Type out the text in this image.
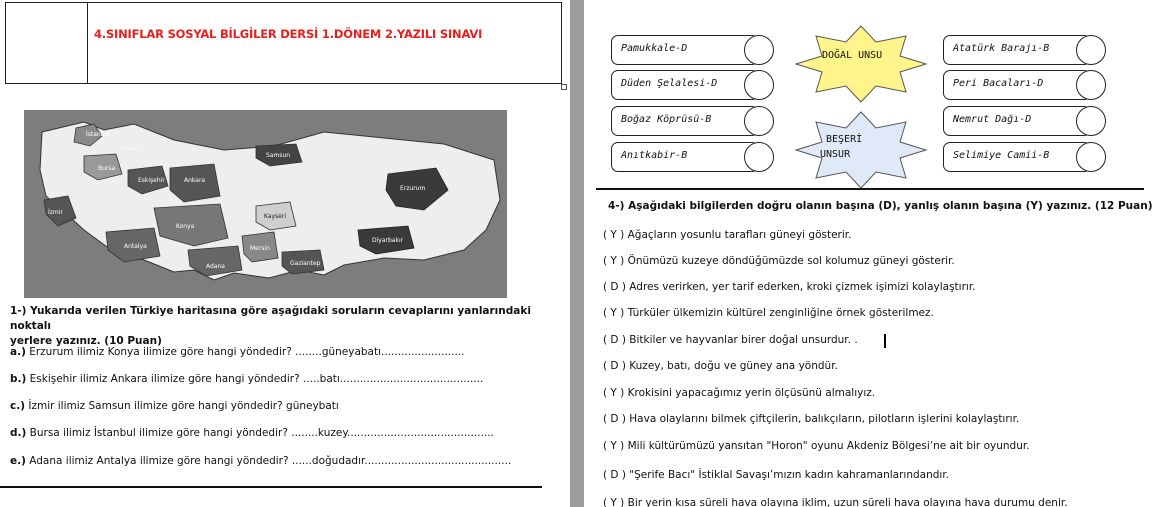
4.SINIFLAR SOSYAL BİLGİLER DERSİ 1.DÖNEM 2.YAZILI SINAVI
İstanbul
Bursa
Eskişehir	Ankara
İzmir
Konya
Antalya
Adana
Mersin
Kayseri
Samsun
Gaziantep
Erzurum
Diyarbakır
Kocaeli
1-) Yukarıda verilen Türkiye haritasına göre aşağıdaki soruların cevaplarını yanlarındaki noktalı
yerlere yazınız. (10 Puan)
a.) Erzurum ilimiz Konya ilimize göre hangi yöndedir? ........güneyabatı.........................
b.) Eskişehir ilimiz Ankara ilimize göre hangi yöndedir? .....batı...........................................
c.) İzmir ilimiz Samsun ilimize göre hangi yöndedir? güneybatı
d.) Bursa ilimiz İstanbul ilimize göre hangi yöndedir? ........kuzey............................................
e.) Adana ilimiz Antalya ilimize göre hangi yöndedir? ......doğudadır............................................
Pamukkale-D
Düden Şelalesi-D
Boğaz Köprüsü-B
Anıtkabir-B
Atatürk Barajı-B
Peri Bacaları-D
Nemrut Dağı-D
Selimiye Camii-B
DOĞAL UNSU
BEŞERİ
UNSUR
4-) Aşağıdaki bilgilerden doğru olanın başına (D), yanlış olanın başına (Y) yazınız. (12 Puan)
( Y ) Ağaçların yosunlu tarafları güneyi gösterir.
( Y ) Önümüzü kuzeye döndüğümüzde sol kolumuz güneyi gösterir.
( D ) Adres verirken, yer tarif ederken, kroki çizmek işimizi kolaylaştırır.
( Y ) Türküler ülkemizin kültürel zenginliğine örnek gösterilmez.
( D ) Bitkiler ve hayvanlar birer doğal unsurdur. .
( D ) Kuzey, batı, doğu ve güney ana yöndür.
( Y ) Krokisini yapacağımız yerin ölçüsünü almalıyız.
( D ) Hava olaylarını bilmek çiftçilerin, balıkçıların, pilotların işlerini kolaylaştırır.
( Y ) Mili kültürümüzü yansıtan "Horon" oyunu Akdeniz Bölgesi’ne ait bir oyundur.
( D ) "Şerife Bacı" İstiklal Savaşı’mızın kadın kahramanlarındandır.
( Y ) Bir yerin kısa süreli hava olayına iklim, uzun süreli hava olayına hava durumu denir.
